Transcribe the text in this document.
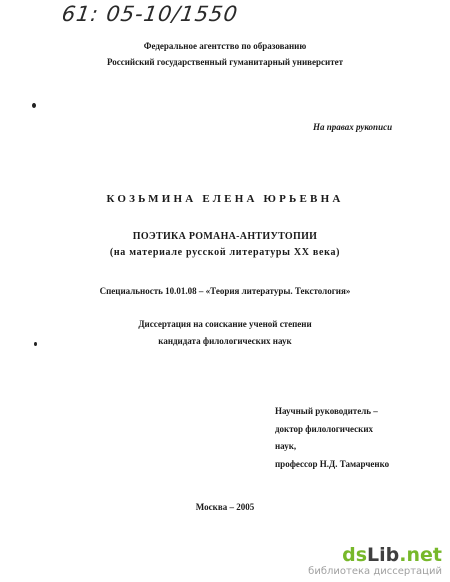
61: 05-10/1550
Федеральное агентство по образованию
Российский государственный гуманитарный университет
На правах рукописи
КОЗЬМИНА ЕЛЕНА ЮРЬЕВНА
ПОЭТИКА РОМАНА-АНТИУТОПИИ
(на материале русской литературы XX века)
Специальность 10.01.08 – «Теория литературы. Текстология»
Диссертация на соискание ученой степени
кандидата филологических наук
Научный руководитель –
доктор филологических
наук,
профессор Н.Д. Тамарченко
Москва – 2005
dsLib.net
библиотека диссертаций
